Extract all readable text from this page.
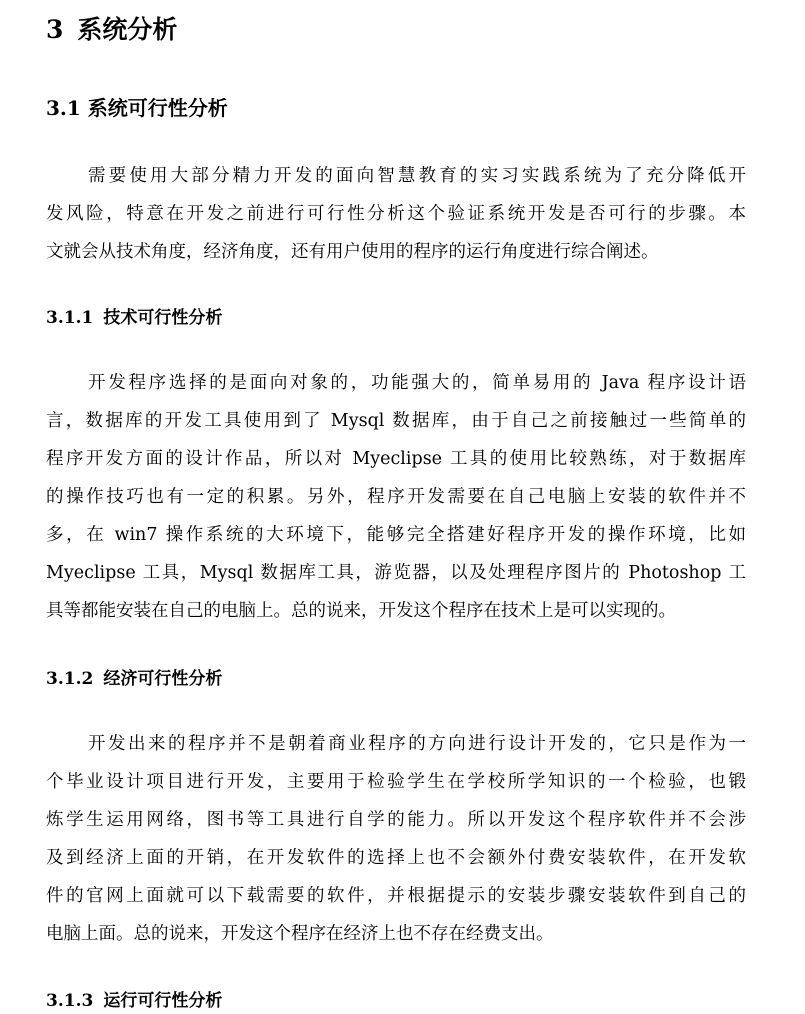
3 系统分析
3.1 系统可行性分析
需要使用大部分精力开发的面向智慧教育的实习实践系统为了充分降低开
发风险，特意在开发之前进行可行性分析这个验证系统开发是否可行的步骤。本
文就会从技术角度，经济角度，还有用户使用的程序的运行角度进行综合阐述。
3.1.1 技术可行性分析
开发程序选择的是面向对象的，功能强大的，简单易用的 Java 程序设计语
言，数据库的开发工具使用到了 Mysql 数据库，由于自己之前接触过一些简单的
程序开发方面的设计作品，所以对 Myeclipse 工具的使用比较熟练，对于数据库
的操作技巧也有一定的积累。另外，程序开发需要在自己电脑上安装的软件并不
多，在 win7 操作系统的大环境下，能够完全搭建好程序开发的操作环境，比如
Myeclipse 工具，Mysql 数据库工具，游览器，以及处理程序图片的 Photoshop 工
具等都能安装在自己的电脑上。总的说来，开发这个程序在技术上是可以实现的。
3.1.2 经济可行性分析
开发出来的程序并不是朝着商业程序的方向进行设计开发的，它只是作为一
个毕业设计项目进行开发，主要用于检验学生在学校所学知识的一个检验，也锻
炼学生运用网络，图书等工具进行自学的能力。所以开发这个程序软件并不会涉
及到经济上面的开销，在开发软件的选择上也不会额外付费安装软件，在开发软
件的官网上面就可以下载需要的软件，并根据提示的安装步骤安装软件到自己的
电脑上面。总的说来，开发这个程序在经济上也不存在经费支出。
3.1.3 运行可行性分析
